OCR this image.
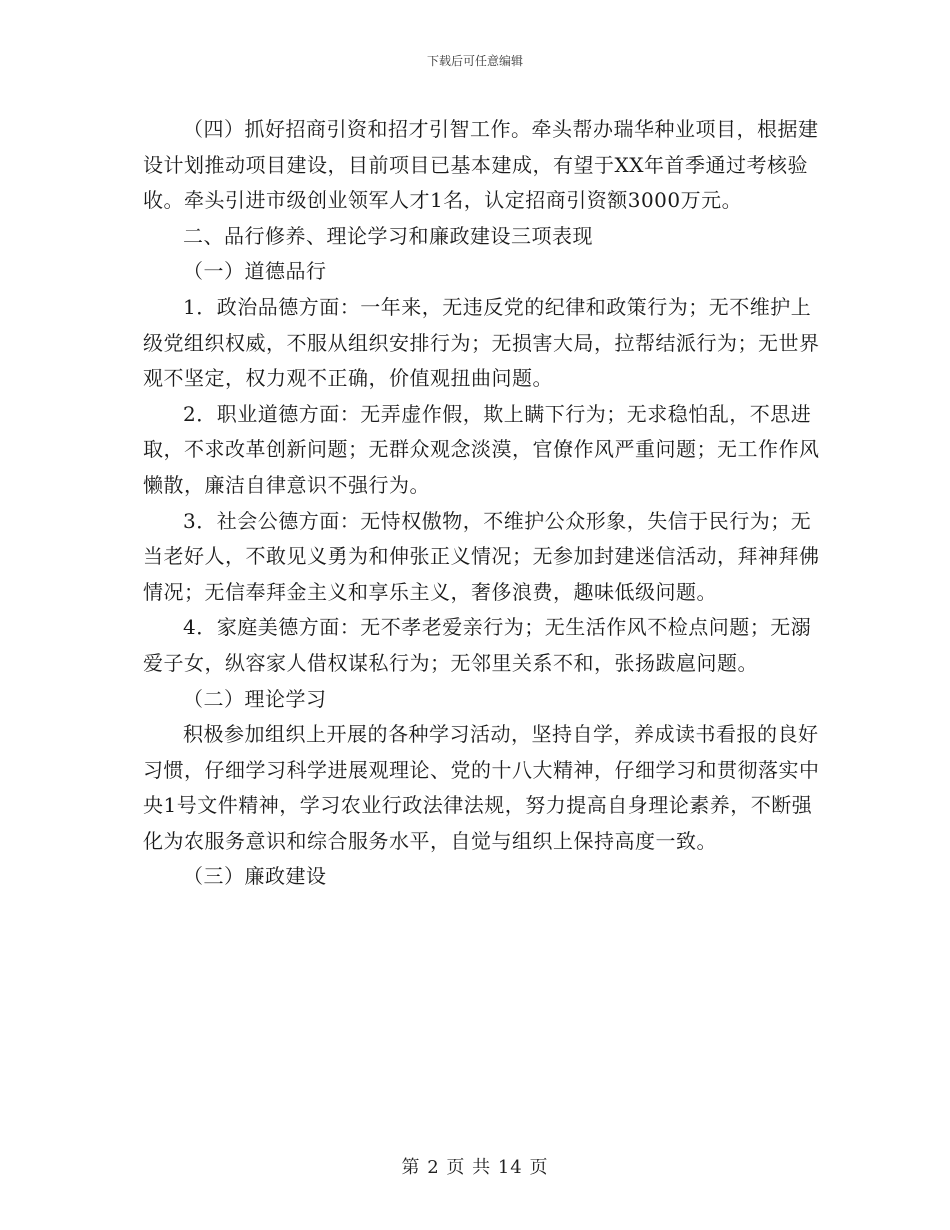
下载后可任意编辑

（四）抓好招商引资和招才引智工作。牵头帮办瑞华种业项目，根据建设计划推动项目建设，目前项目已基本建成，有望于XX年首季通过考核验收。牵头引进市级创业领军人才1名，认定招商引资额3000万元。

二、品行修养、理论学习和廉政建设三项表现

（一）道德品行

1．政治品德方面：一年来，无违反党的纪律和政策行为；无不维护上级党组织权威，不服从组织安排行为；无损害大局，拉帮结派行为；无世界观不坚定，权力观不正确，价值观扭曲问题。

2．职业道德方面：无弄虚作假，欺上瞒下行为；无求稳怕乱，不思进取，不求改革创新问题；无群众观念淡漠，官僚作风严重问题；无工作作风懒散，廉洁自律意识不强行为。

3．社会公德方面：无恃权傲物，不维护公众形象，失信于民行为；无当老好人，不敢见义勇为和伸张正义情况；无参加封建迷信活动，拜神拜佛情况；无信奉拜金主义和享乐主义，奢侈浪费，趣味低级问题。

4．家庭美德方面：无不孝老爱亲行为；无生活作风不检点问题；无溺爱子女，纵容家人借权谋私行为；无邻里关系不和，张扬跋扈问题。

（二）理论学习

积极参加组织上开展的各种学习活动，坚持自学，养成读书看报的良好习惯，仔细学习科学进展观理论、党的十八大精神，仔细学习和贯彻落实中央1号文件精神，学习农业行政法律法规，努力提高自身理论素养，不断强化为农服务意识和综合服务水平，自觉与组织上保持高度一致。

（三）廉政建设

第 2 页 共 14 页
